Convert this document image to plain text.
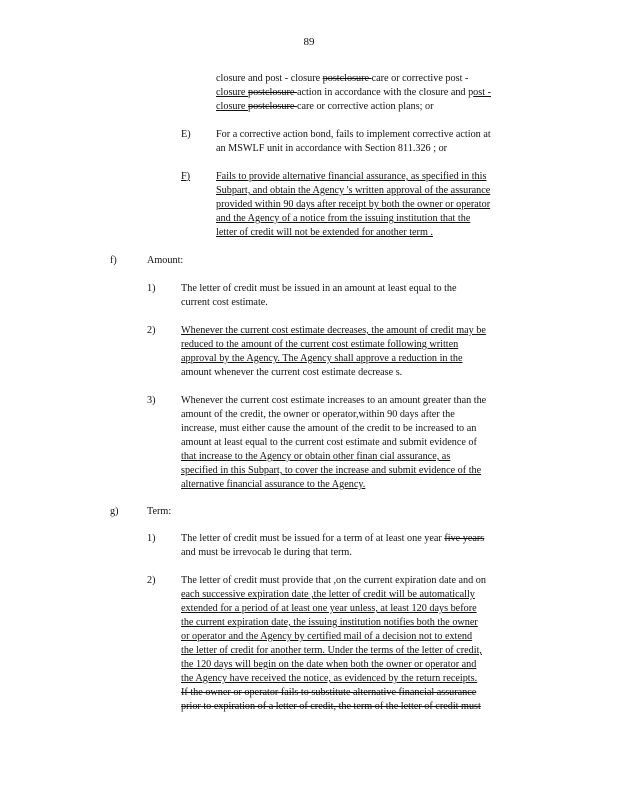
89
closure and post - closure postclosure care or corrective post -
closure postclosure action in accordance with the closure and post -
closure postclosure care or corrective action plans; or
E) For a corrective action bond, fails to implement corrective action at
an MSWLF unit in accordance with Section 811.326 ; or
F)	Fails to provide alternative financial assurance, as specified in this
Subpart, and obtain the Agency 's written approval of the assurance
provided within 90 days after receipt by both the owner or operator
and the Agency of a notice from the issuing institution that the
letter of credit will not be extended for another term .
f)	Amount:
1)	The letter of credit must be issued in an amount at least equal to the
current cost estimate.
2)	Whenever the current cost estimate decreases, the amount of credit may be
reduced to the amount of the current cost estimate following written
approval by the Agency. The Agency shall approve a reduction in the
amount whenever the current cost estimate decrease s.
3)	Whenever the current cost estimate increases to an amount greater than the
amount of the credit, the owner or operator,within 90 days after the
increase, must either cause the amount of the credit to be increased to an
amount at least equal to the current cost estimate and submit evidence of
that increase to the Agency or obtain other finan cial assurance, as
specified in this Subpart, to cover the increase and submit evidence of the
alternative financial assurance to the Agency.
g)	Term:
1)	The letter of credit must be issued for a term of at least one year five years
and must be irrevocab le during that term.
2)	The letter of credit must provide that ,on the current expiration date and on
each successive expiration date ,the letter of credit will be automatically
extended for a period of at least one year unless, at least 120 days before
the current expiration date, the issuing institution notifies both the owner
or operator and the Agency by certified mail of a decision not to extend
the letter of credit for another term. Under the terms of the letter of credit,
the 120 days will begin on the date when both the owner or operator and
the Agency have received the notice, as evidenced by the return receipts.
If the owner or operator fails to substitute alternative financial assurance
prior to expiration of a letter of credit, the term of the letter of credit must
